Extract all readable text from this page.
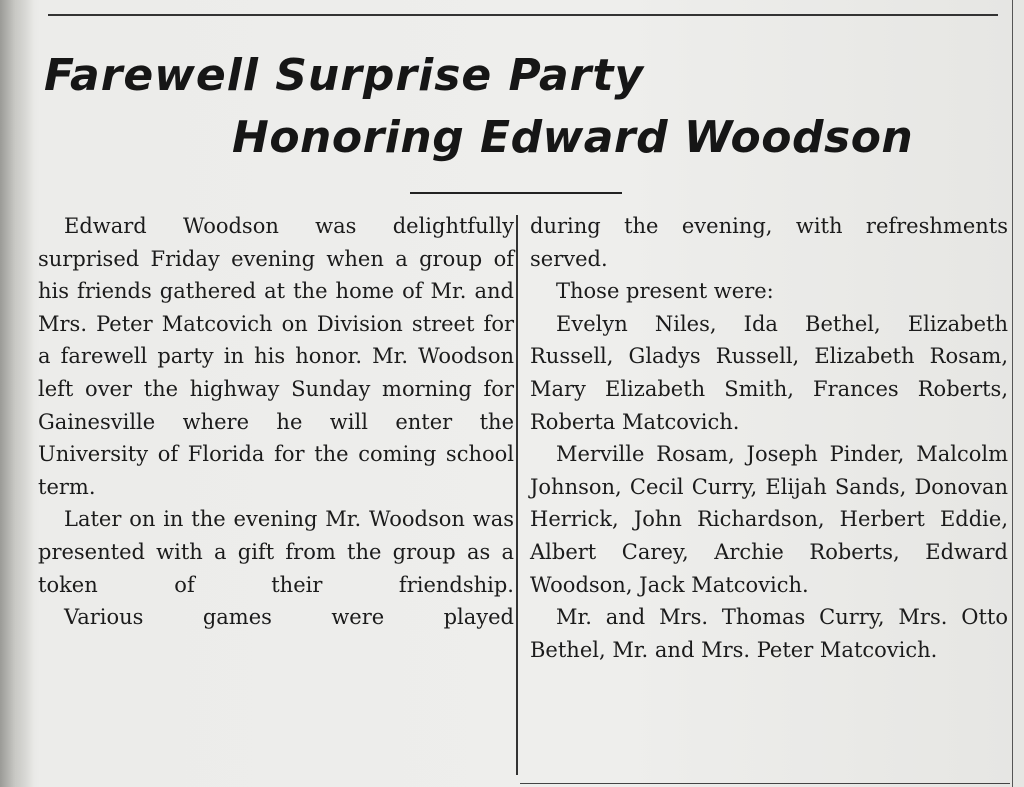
Farewell Surprise Party
Honoring Edward Woodson

Edward Woodson was delightfully surprised Friday evening when a group of his friends gathered at the home of Mr. and Mrs. Peter Matcovich on Division street for a farewell party in his honor. Mr. Woodson left over the highway Sunday morning for Gainesville where he will enter the University of Florida for the coming school term.

Later on in the evening Mr. Woodson was presented with a gift from the group as a token of their friendship.

Various games were played

during the evening, with refreshments served.

Those present were:

Evelyn Niles, Ida Bethel, Elizabeth Russell, Gladys Russell, Elizabeth Rosam, Mary Elizabeth Smith, Frances Roberts, Roberta Matcovich.

Merville Rosam, Joseph Pinder, Malcolm Johnson, Cecil Curry, Elijah Sands, Donovan Herrick, John Richardson, Herbert Eddie, Albert Carey, Archie Roberts, Edward Woodson, Jack Matcovich.

Mr. and Mrs. Thomas Curry, Mrs. Otto Bethel, Mr. and Mrs. Peter Matcovich.
